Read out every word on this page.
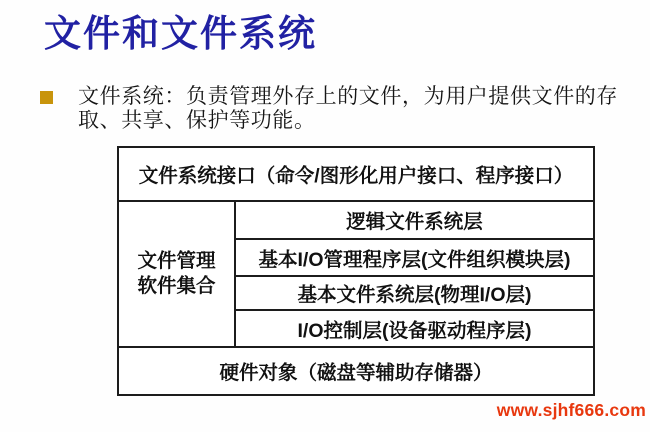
文件和文件系统
文件系统：负责管理外存上的文件，为用户提供文件的存取、共享、保护等功能。
文件系统接口（命令/图形化用户接口、程序接口）
文件管理
软件集合
逻辑文件系统层
基本I/O管理程序层(文件组织模块层)
基本文件系统层(物理I/O层)
I/O控制层(设备驱动程序层)
硬件对象（磁盘等辅助存储器）
www.sjhf666.com
